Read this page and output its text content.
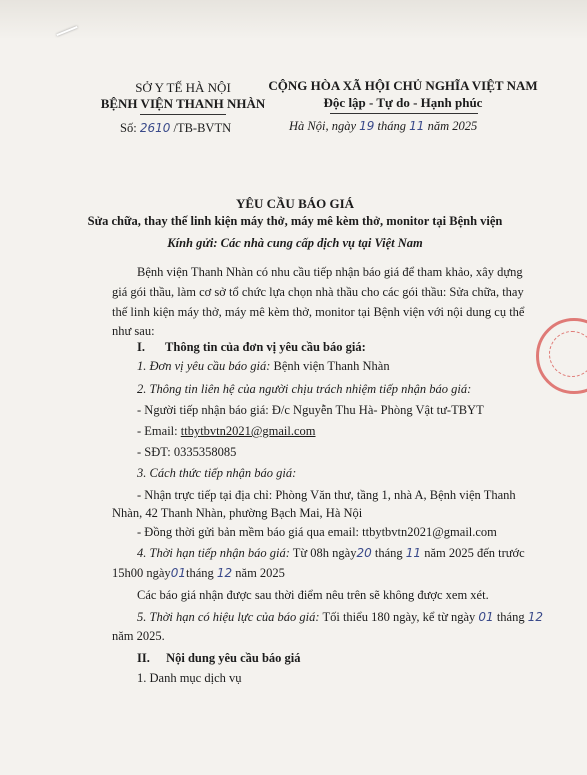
SỞ Y TẾ HÀ NỘI
BỆNH VIỆN THANH NHÀN
Số: 2610 /TB-BVTN
CỘNG HÒA XÃ HỘI CHỦ NGHĨA VIỆT NAM
Độc lập - Tự do - Hạnh phúc
Hà Nội, ngày 19 tháng 11 năm 2025
YÊU CẦU BÁO GIÁ
Sửa chữa, thay thế linh kiện máy thở, máy mê kèm thở, monitor tại Bệnh viện
Kính gửi: Các nhà cung cấp dịch vụ tại Việt Nam
Bệnh viện Thanh Nhàn có nhu cầu tiếp nhận báo giá để tham khảo, xây dựng
giá gói thầu, làm cơ sở tổ chức lựa chọn nhà thầu cho các gói thầu: Sửa chữa, thay
thế linh kiện máy thở, máy mê kèm thở, monitor tại Bệnh viện với nội dung cụ thể
như sau:
I. Thông tin của đơn vị yêu cầu báo giá:
1. Đơn vị yêu cầu báo giá: Bệnh viện Thanh Nhàn
2. Thông tin liên hệ của người chịu trách nhiệm tiếp nhận báo giá:
- Người tiếp nhận báo giá: Đ/c Nguyễn Thu Hà- Phòng Vật tư-TBYT
- Email: ttbytbvtn2021@gmail.com
- SĐT: 0335358085
3. Cách thức tiếp nhận báo giá:
- Nhận trực tiếp tại địa chỉ: Phòng Văn thư, tầng 1, nhà A, Bệnh viện Thanh
Nhàn, 42 Thanh Nhàn, phường Bạch Mai, Hà Nội
- Đồng thời gửi bản mềm báo giá qua email: ttbytbvtn2021@gmail.com
4. Thời hạn tiếp nhận báo giá: Từ 08h ngày20 tháng 11 năm 2025 đến trước
15h00 ngày01tháng 12 năm 2025
Các báo giá nhận được sau thời điểm nêu trên sẽ không được xem xét.
5. Thời hạn có hiệu lực của báo giá: Tối thiểu 180 ngày, kể từ ngày 01 tháng 12
năm 2025.
II. Nội dung yêu cầu báo giá
1. Danh mục dịch vụ
